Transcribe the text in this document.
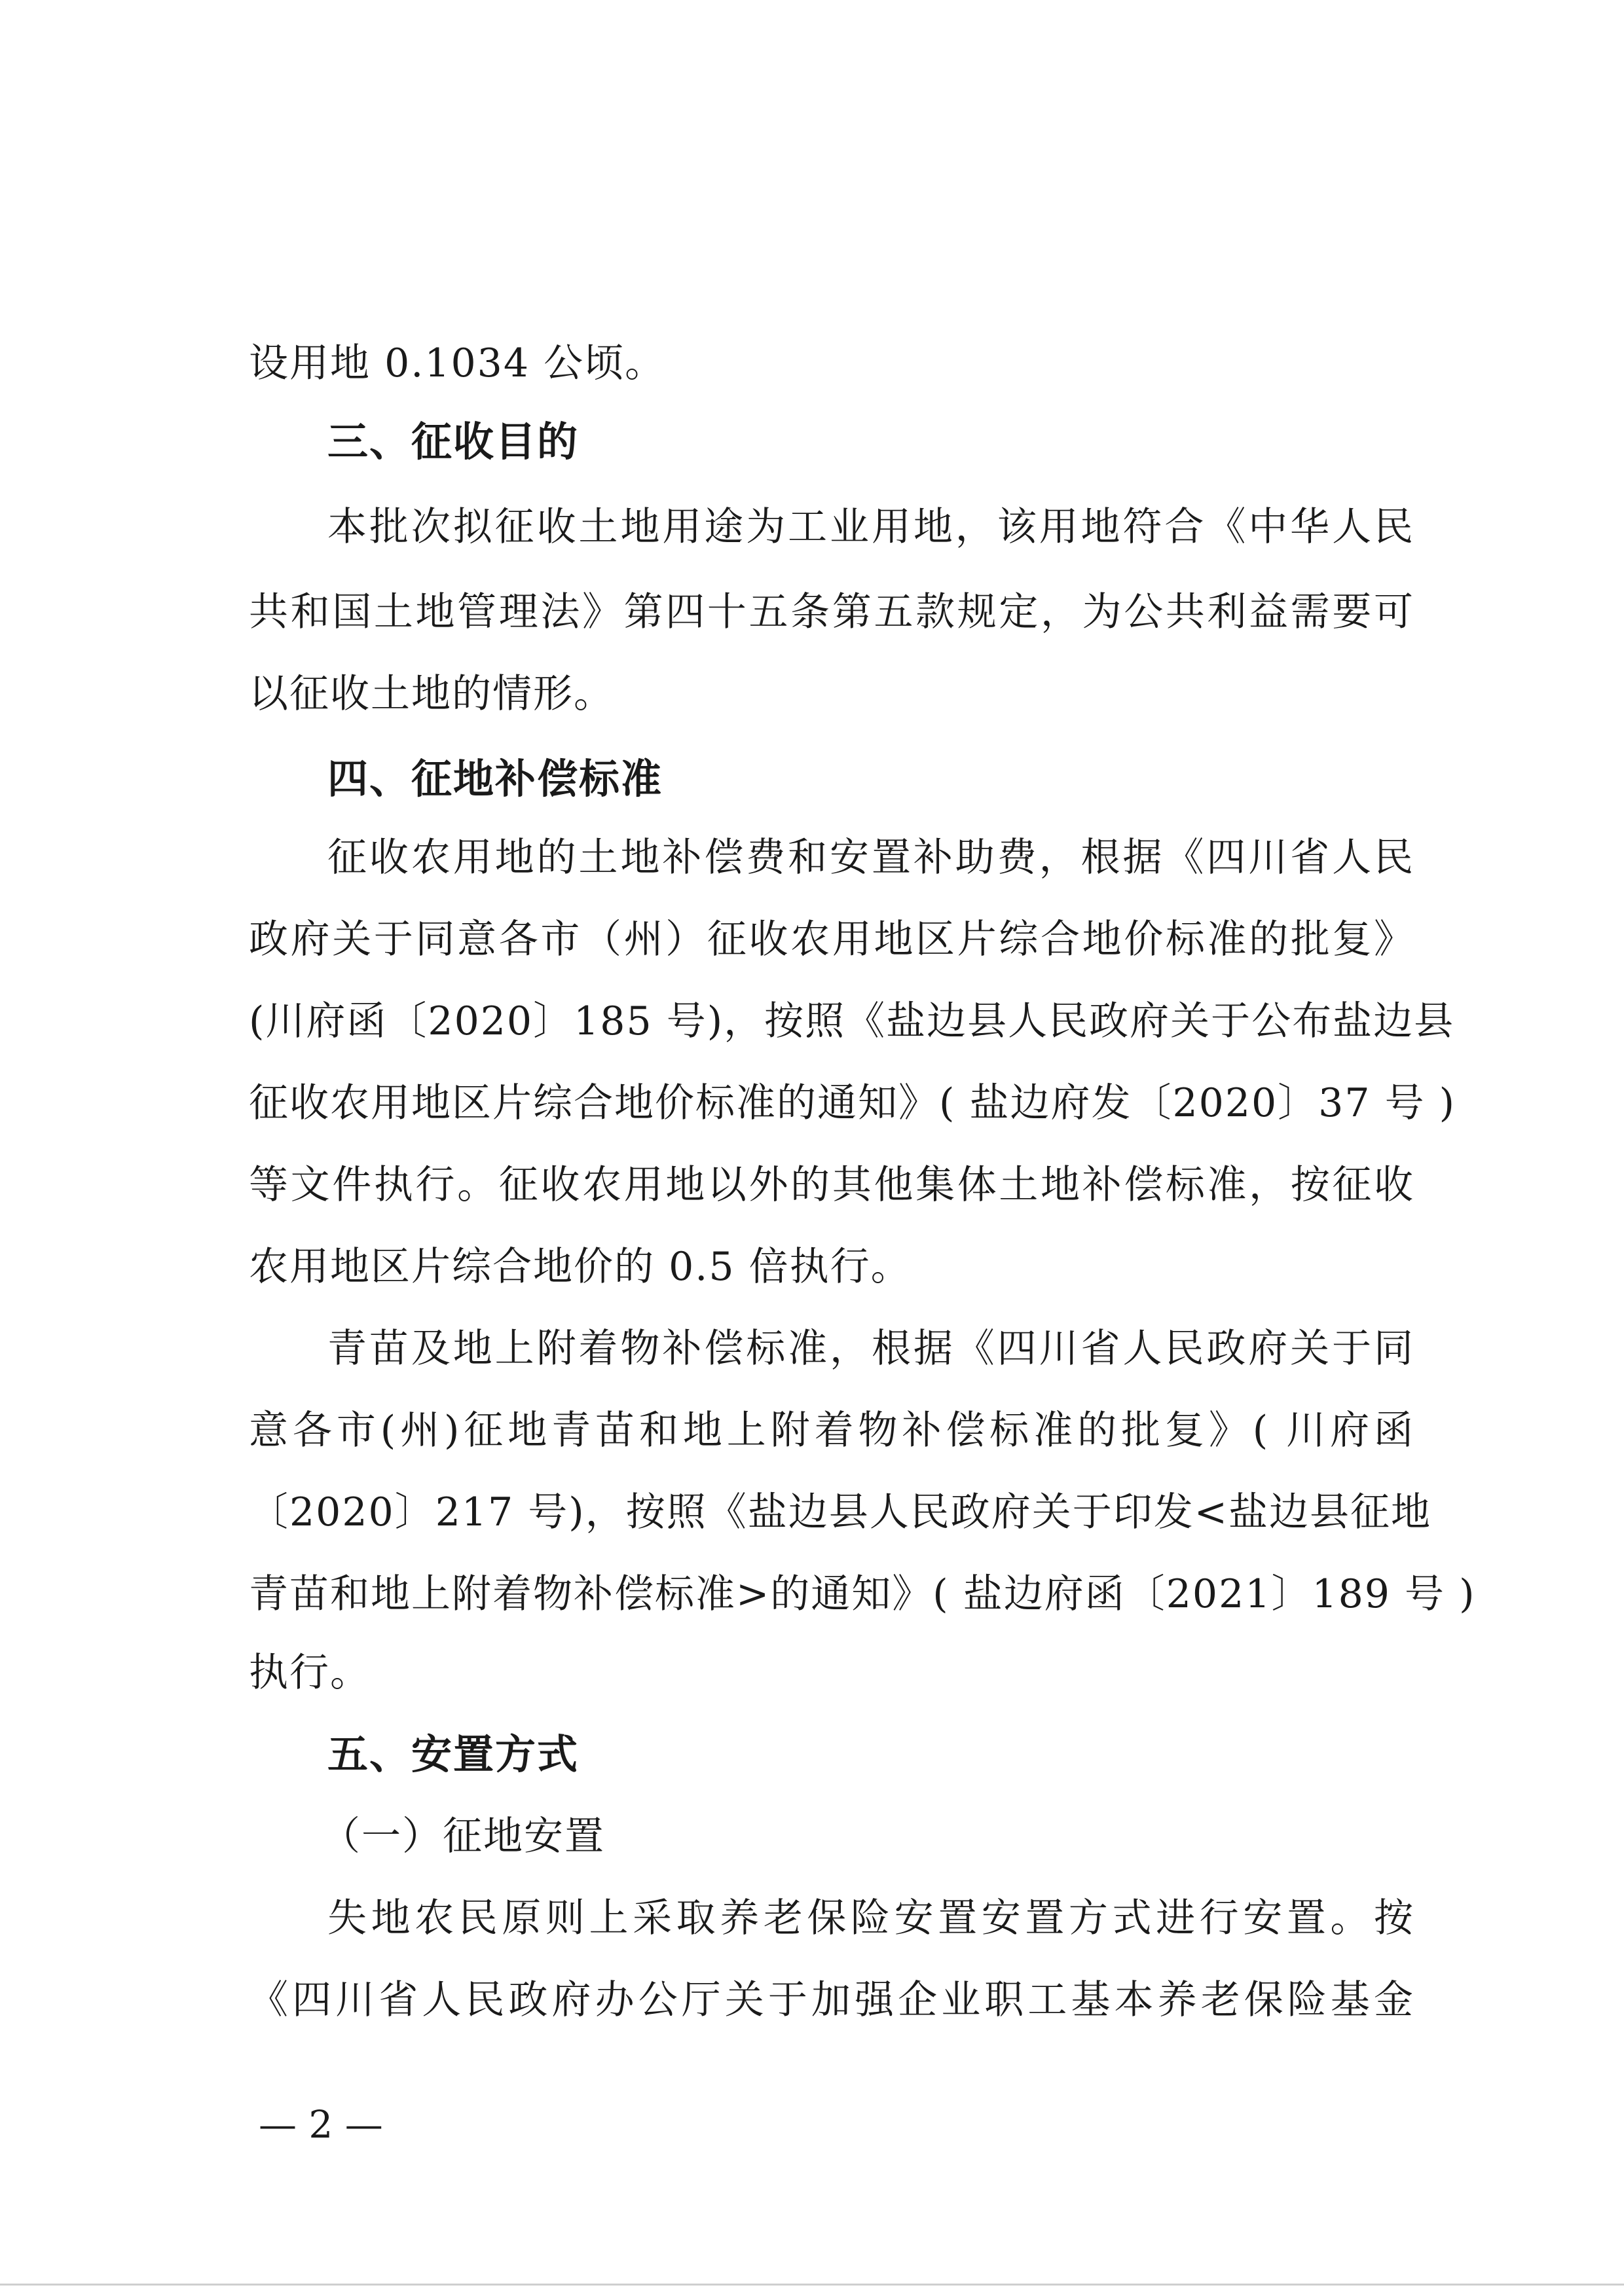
设用地 0.1034 公顷。
三、征收目的
本批次拟征收土地用途为工业用地，该用地符合《中华人民
共和国土地管理法》第四十五条第五款规定，为公共利益需要可
以征收土地的情形。
四、征地补偿标准
征收农用地的土地补偿费和安置补助费，根据《四川省人民
政府关于同意各市（州）征收农用地区片综合地价标准的批复》
(川府函〔2020〕185 号)，按照《盐边县人民政府关于公布盐边县
征收农用地区片综合地价标准的通知》( 盐边府发〔2020〕37 号 )
等文件执行。征收农用地以外的其他集体土地补偿标准，按征收
农用地区片综合地价的 0.5 倍执行。
青苗及地上附着物补偿标准，根据《四川省人民政府关于同
意各市(州)征地青苗和地上附着物补偿标准的批复》( 川府函
〔2020〕217 号)，按照《盐边县人民政府关于印发<盐边县征地
青苗和地上附着物补偿标准>的通知》( 盐边府函〔2021〕189 号 )
执行。
五、安置方式
（一）征地安置
失地农民原则上采取养老保险安置安置方式进行安置。按
《四川省人民政府办公厅关于加强企业职工基本养老保险基金
— 2 —
